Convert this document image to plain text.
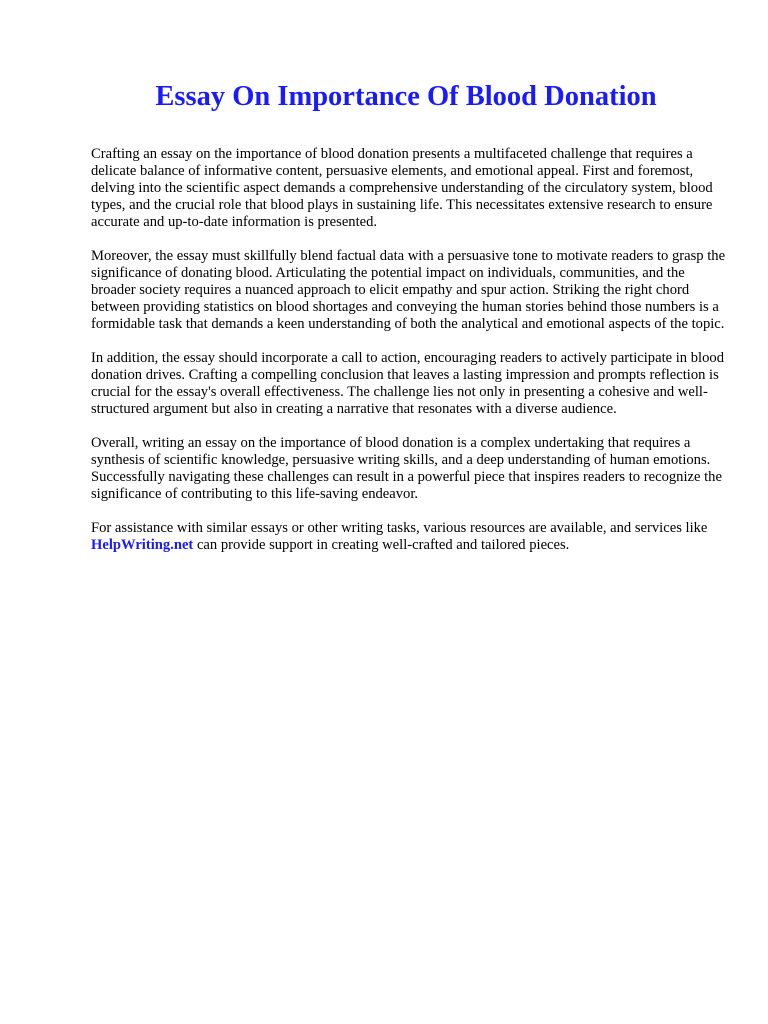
Essay On Importance Of Blood Donation

Crafting an essay on the importance of blood donation presents a multifaceted challenge that requires a delicate balance of informative content, persuasive elements, and emotional appeal. First and foremost, delving into the scientific aspect demands a comprehensive understanding of the circulatory system, blood types, and the crucial role that blood plays in sustaining life. This necessitates extensive research to ensure accurate and up-to-date information is presented.

Moreover, the essay must skillfully blend factual data with a persuasive tone to motivate readers to grasp the significance of donating blood. Articulating the potential impact on individuals, communities, and the broader society requires a nuanced approach to elicit empathy and spur action. Striking the right chord between providing statistics on blood shortages and conveying the human stories behind those numbers is a formidable task that demands a keen understanding of both the analytical and emotional aspects of the topic.

In addition, the essay should incorporate a call to action, encouraging readers to actively participate in blood donation drives. Crafting a compelling conclusion that leaves a lasting impression and prompts reflection is crucial for the essay's overall effectiveness. The challenge lies not only in presenting a cohesive and well-structured argument but also in creating a narrative that resonates with a diverse audience.

Overall, writing an essay on the importance of blood donation is a complex undertaking that requires a synthesis of scientific knowledge, persuasive writing skills, and a deep understanding of human emotions. Successfully navigating these challenges can result in a powerful piece that inspires readers to recognize the significance of contributing to this life-saving endeavor.

For assistance with similar essays or other writing tasks, various resources are available, and services like HelpWriting.net can provide support in creating well-crafted and tailored pieces.
